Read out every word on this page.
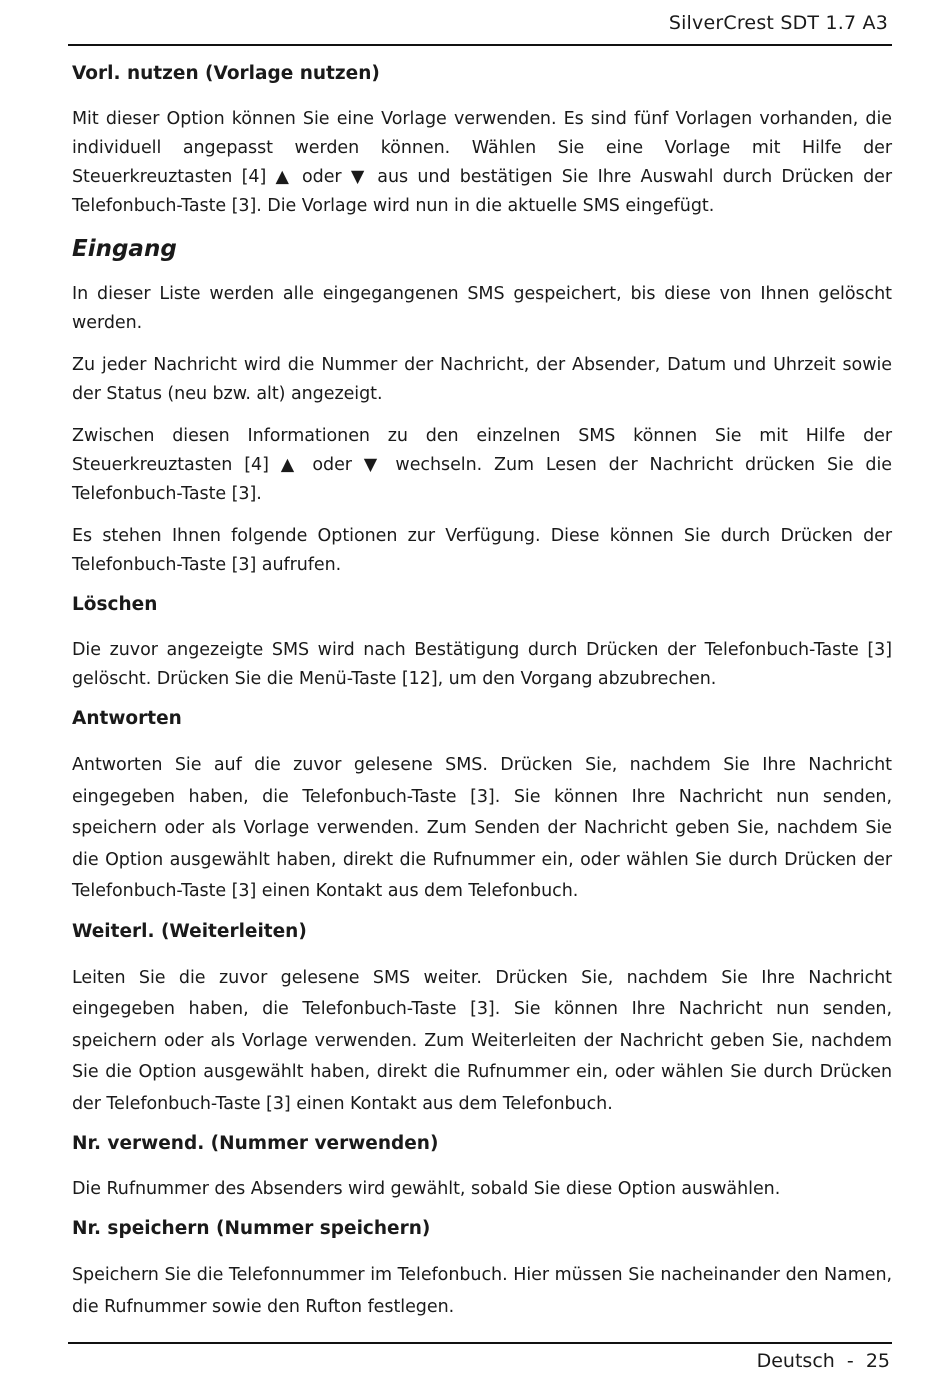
SilverCrest SDT 1.7 A3
Vorl. nutzen (Vorlage nutzen)

Mit dieser Option können Sie eine Vorlage verwenden. Es sind fünf Vorlagen vorhanden, die individuell angepasst werden können. Wählen Sie eine Vorlage mit Hilfe der Steuerkreuztasten [4] ▲ oder ▼ aus und bestätigen Sie Ihre Auswahl durch Drücken der Telefonbuch-Taste [3]. Die Vorlage wird nun in die aktuelle SMS eingefügt.

Eingang

In dieser Liste werden alle eingegangenen SMS gespeichert, bis diese von Ihnen gelöscht werden.

Zu jeder Nachricht wird die Nummer der Nachricht, der Absender, Datum und Uhrzeit sowie der Status (neu bzw. alt) angezeigt.

Zwischen diesen Informationen zu den einzelnen SMS können Sie mit Hilfe der Steuerkreuztasten [4] ▲ oder ▼ wechseln. Zum Lesen der Nachricht drücken Sie die Telefonbuch-Taste [3].

Es stehen Ihnen folgende Optionen zur Verfügung. Diese können Sie durch Drücken der Telefonbuch-Taste [3] aufrufen.

Löschen

Die zuvor angezeigte SMS wird nach Bestätigung durch Drücken der Telefonbuch-Taste [3] gelöscht. Drücken Sie die Menü-Taste [12], um den Vorgang abzubrechen.

Antworten

Antworten Sie auf die zuvor gelesene SMS. Drücken Sie, nachdem Sie Ihre Nachricht eingegeben haben, die Telefonbuch-Taste [3]. Sie können Ihre Nachricht nun senden, speichern oder als Vorlage verwenden. Zum Senden der Nachricht geben Sie, nachdem Sie die Option ausgewählt haben, direkt die Rufnummer ein, oder wählen Sie durch Drücken der Telefonbuch-Taste [3] einen Kontakt aus dem Telefonbuch.

Weiterl. (Weiterleiten)

Leiten Sie die zuvor gelesene SMS weiter. Drücken Sie, nachdem Sie Ihre Nachricht eingegeben haben, die Telefonbuch-Taste [3]. Sie können Ihre Nachricht nun senden, speichern oder als Vorlage verwenden. Zum Weiterleiten der Nachricht geben Sie, nachdem Sie die Option ausgewählt haben, direkt die Rufnummer ein, oder wählen Sie durch Drücken der Telefonbuch-Taste [3] einen Kontakt aus dem Telefonbuch.

Nr. verwend. (Nummer verwenden)

Die Rufnummer des Absenders wird gewählt, sobald Sie diese Option auswählen.

Nr. speichern (Nummer speichern)

Speichern Sie die Telefonnummer im Telefonbuch. Hier müssen Sie nacheinander den Namen, die Rufnummer sowie den Rufton festlegen.

Deutsch  -  25
